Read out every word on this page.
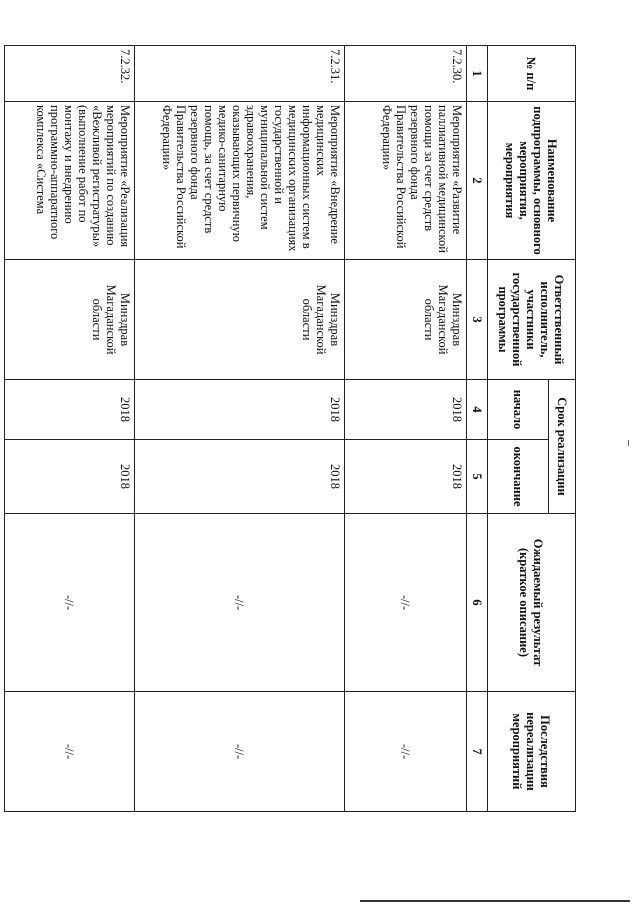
№ п/п	Наименование подпрограммы, основного мероприятия, мероприятия	Ответственный исполнитель, участники государственной программы	Срок реализации		Ожидаемый результат (краткое описание)	Последствия нереализации мероприятий
			начало	окончание		
1	2	3	4	5	6	7
7.2.30.	Мероприятие «Развитие паллиативной медицинской помощи за счет средств резервного фонда Правительства Российской Федерации»	Минздрав Магаданской области	2018	2018	-//-	-//-
7.2.31.	Мероприятие «Внедрение медицинских информационных систем в медицинских организациях государственной и муниципальной систем здравоохранения, оказывающих первичную медико-санитарную помощь, за счет средств резервного фонда Правительства Российской Федерации»	Минздрав Магаданской области	2018	2018	-//-	-//-
7.2.32.	Мероприятие «Реализация мероприятий по созданию «Вежливой регистратуры» (выполнение работ по монтажу и внедрению программно-аппаратного комплекса «Система	Минздрав Магаданской области	2018	2018	-//-	-//-
